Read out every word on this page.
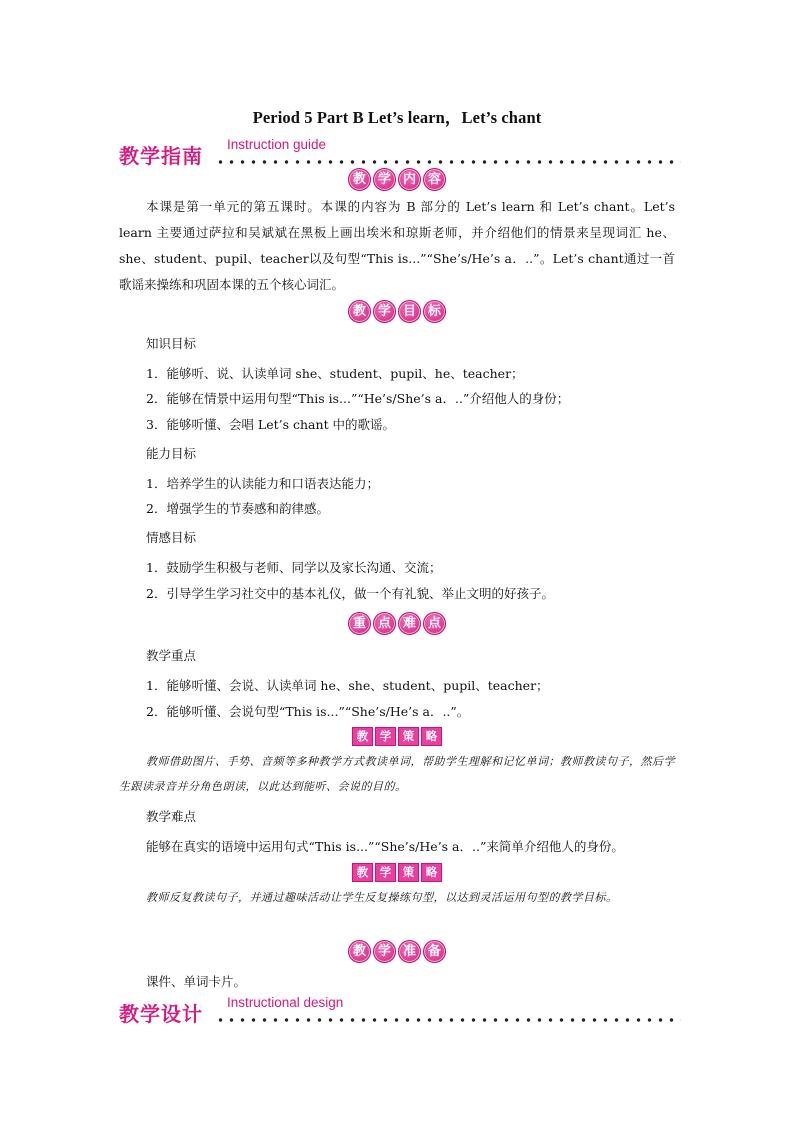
Period 5 Part B Let’s learn，Let’s chant
教学指南 Instruction guide
教 学 内 容
本课是第一单元的第五课时。本课的内容为 B 部分的 Let’s learn 和 Let’s chant。Let’s learn 主要通过萨拉和吴斌斌在黑板上画出埃米和琼斯老师，并介绍他们的情景来呈现词汇 he、she、student、pupil、teacher以及句型“This is...”“She’s/He’s a．..”。Let’s chant通过一首歌谣来操练和巩固本课的五个核心词汇。
教 学 目 标
知识目标
1．能够听、说、认读单词 she、student、pupil、he、teacher；
2．能够在情景中运用句型“This is...”“He’s/She’s a．..”介绍他人的身份；
3．能够听懂、会唱 Let’s chant 中的歌谣。
能力目标
1．培养学生的认读能力和口语表达能力；
2．增强学生的节奏感和韵律感。
情感目标
1．鼓励学生积极与老师、同学以及家长沟通、交流；
2．引导学生学习社交中的基本礼仪，做一个有礼貌、举止文明的好孩子。
重 点 难 点
教学重点
1．能够听懂、会说、认读单词 he、she、student、pupil、teacher；
2．能够听懂、会说句型“This is...”“She’s/He’s a．..”。
教	学	策	略
教师借助图片、手势、音频等多种教学方式教读单词，帮助学生理解和记忆单词；教师教读句子，然后学生跟读录音并分角色朗读，以此达到能听、会说的目的。
教学难点
能够在真实的语境中运用句式“This is...”“She’s/He’s a．..”来简单介绍他人的身份。
教	学	策	略
教师反复教读句子，并通过趣味活动让学生反复操练句型，以达到灵活运用句型的教学目标。
教 学 准 备
课件、单词卡片。
教学设计 Instructional design
